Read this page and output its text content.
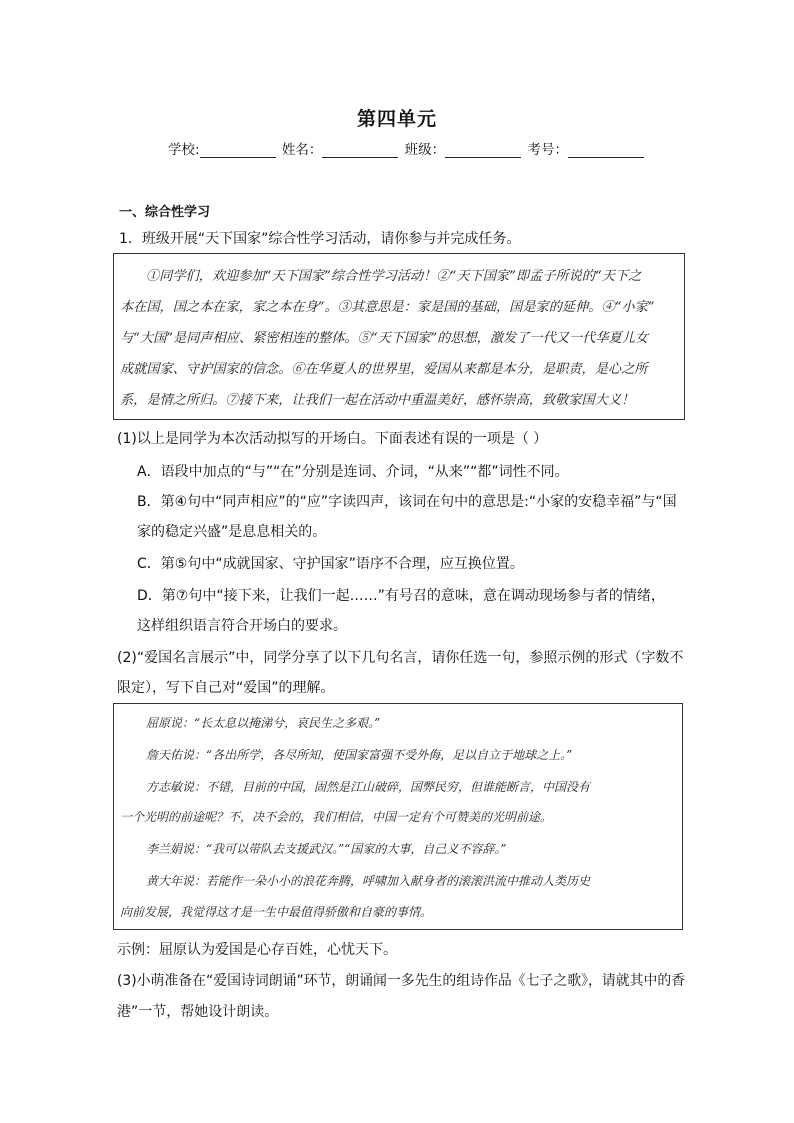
第四单元
学校:	姓名：	班级：	考号：
一、综合性学习
1．班级开展“天下国家”综合性学习活动，请你参与并完成任务。
①同学们，欢迎参加“天下国家”综合性学习活动！②“天下国家”即孟子所说的“天下之
本在国，国之本在家，家之本在身”。③其意思是：家是国的基础，国是家的延伸。④“小家”
与“大国”是同声相应、紧密相连的整体。⑤“天下国家”的思想，激发了一代又一代华夏儿女
成就国家、守护国家的信念。⑥在华夏人的世界里，爱国从来都是本分，是职责，是心之所
系，是情之所归。⑦接下来，让我们一起在活动中重温美好，感怀崇高，致敬家国大义！
(1)以上是同学为本次活动拟写的开场白。下面表述有误的一项是（ ）
A．语段中加点的“与”“在”分别是连词、介词，“从来”“都”词性不同。
B．第④句中“同声相应”的“应”字读四声，该词在句中的意思是:“小家的安稳幸福”与“国
家的稳定兴盛”是息息相关的。
C．第⑤句中“成就国家、守护国家”语序不合理，应互换位置。
D．第⑦句中“接下来，让我们一起……”有号召的意味，意在调动现场参与者的情绪，
这样组织语言符合开场白的要求。
(2)“爱国名言展示”中，同学分享了以下几句名言，请你任选一句，参照示例的形式（字数不
限定），写下自己对“爱国”的理解。
屈原说：“长太息以掩涕兮，哀民生之多艰。”
詹天佑说：“各出所学，各尽所知，使国家富强不受外侮，足以自立于地球之上。”
方志敏说：不错，目前的中国，固然是江山破碎，国弊民穷，但谁能断言，中国没有
一个光明的前途呢？不，决不会的，我们相信，中国一定有个可赞美的光明前途。
李兰娟说：“我可以带队去支援武汉。”“国家的大事，自己义不容辞。”
黄大年说：若能作一朵小小的浪花奔腾，呼啸加入献身者的滚滚洪流中推动人类历史
向前发展，我觉得这才是一生中最值得骄傲和自豪的事情。
示例：屈原认为爱国是心存百姓，心忧天下。
(3)小萌准备在“爱国诗词朗诵”环节，朗诵闻一多先生的组诗作品《七子之歌》，请就其中的香
港”一节，帮她设计朗读。
